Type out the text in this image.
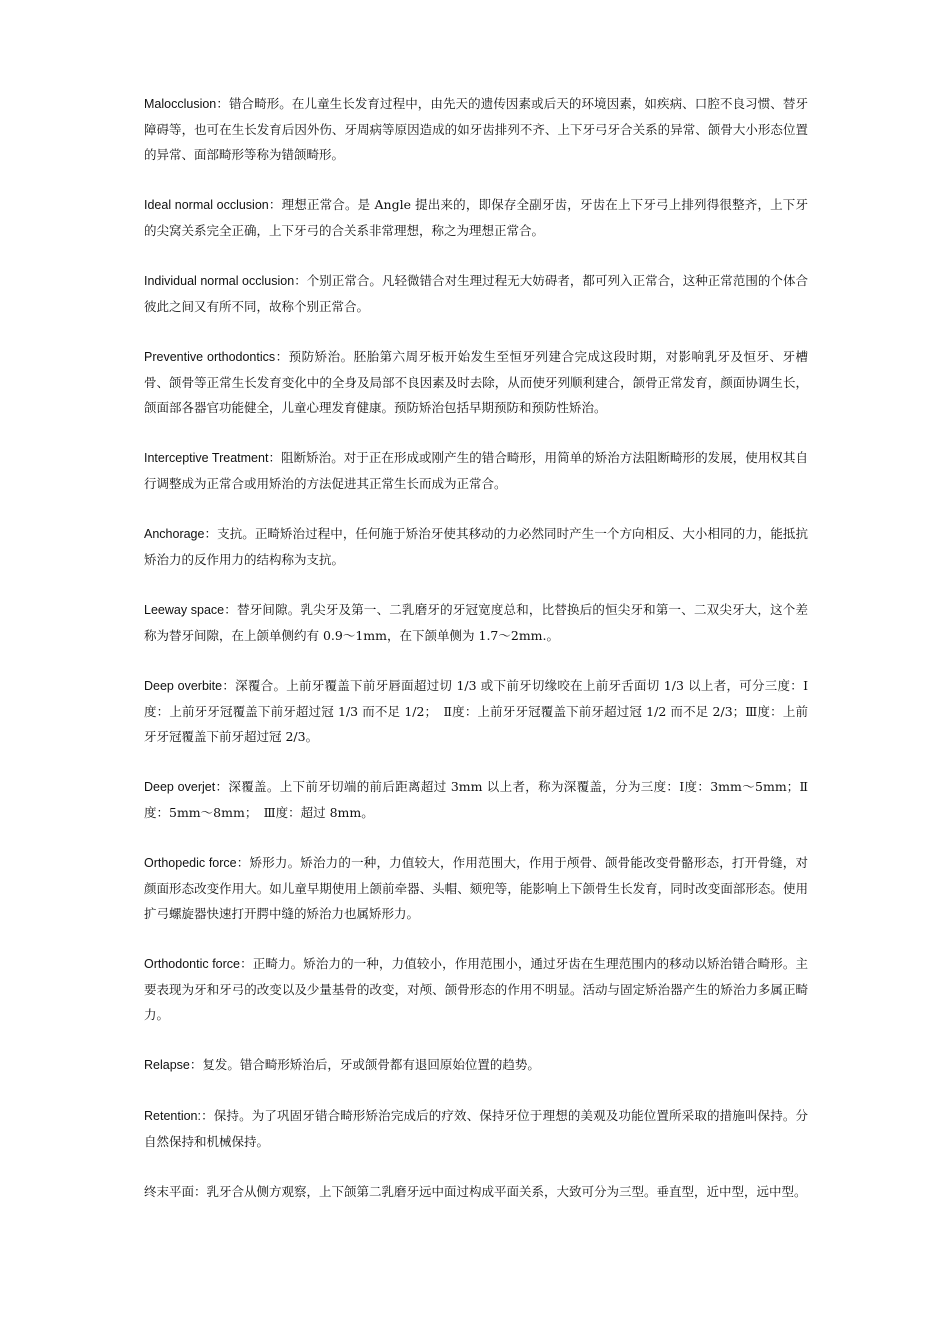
Malocclusion：错合畸形。在儿童生长发育过程中，由先天的遗传因素或后天的环境因素，如疾病、口腔不良习惯、替牙障碍等，也可在生长发育后因外伤、牙周病等原因造成的如牙齿排列不齐、上下牙弓牙合关系的异常、颌骨大小形态位置的异常、面部畸形等称为错颌畸形。

Ideal normal occlusion：理想正常合。是 Angle 提出来的，即保存全副牙齿，牙齿在上下牙弓上排列得很整齐，上下牙的尖窝关系完全正确，上下牙弓的合关系非常理想，称之为理想正常合。

Individual normal occlusion：个别正常合。凡轻微错合对生理过程无大妨碍者，都可列入正常合，这种正常范围的个体合彼此之间又有所不同，故称个别正常合。

Preventive orthodontics：预防矫治。胚胎第六周牙板开始发生至恒牙列建合完成这段时期，对影响乳牙及恒牙、牙槽骨、颌骨等正常生长发育变化中的全身及局部不良因素及时去除，从而使牙列顺利建合，颌骨正常发育，颜面协调生长，颌面部各器官功能健全，儿童心理发育健康。预防矫治包括早期预防和预防性矫治。

Interceptive Treatment：阻断矫治。对于正在形成或刚产生的错合畸形，用简单的矫治方法阻断畸形的发展，使用权其自行调整成为正常合或用矫治的方法促进其正常生长而成为正常合。

Anchorage：支抗。正畸矫治过程中，任何施于矫治牙使其移动的力必然同时产生一个方向相反、大小相同的力，能抵抗矫治力的反作用力的结构称为支抗。

Leeway space：替牙间隙。乳尖牙及第一、二乳磨牙的牙冠宽度总和，比替换后的恒尖牙和第一、二双尖牙大，这个差称为替牙间隙，在上颌单侧约有 0.9～1mm，在下颌单侧为 1.7～2mm.。

Deep overbite：深覆合。上前牙覆盖下前牙唇面超过切 1/3 或下前牙切缘咬在上前牙舌面切 1/3 以上者，可分三度：Ⅰ度：上前牙牙冠覆盖下前牙超过冠 1/3 而不足 1/2；　Ⅱ度：上前牙牙冠覆盖下前牙超过冠 1/2 而不足 2/3；Ⅲ度：上前牙牙冠覆盖下前牙超过冠 2/3。

Deep overjet：深覆盖。上下前牙切端的前后距离超过 3mm 以上者，称为深覆盖，分为三度：Ⅰ度：3mm～5mm；Ⅱ度：5mm～8mm；　Ⅲ度：超过 8mm。

Orthopedic force：矫形力。矫治力的一种，力值较大，作用范围大，作用于颅骨、颌骨能改变骨骼形态，打开骨缝，对颜面形态改变作用大。如儿童早期使用上颌前牵器、头帽、颏兜等，能影响上下颌骨生长发育，同时改变面部形态。使用扩弓螺旋器快速打开腭中缝的矫治力也属矫形力。

Orthodontic force：正畸力。矫治力的一种，力值较小，作用范围小，通过牙齿在生理范围内的移动以矫治错合畸形。主要表现为牙和牙弓的改变以及少量基骨的改变，对颅、颌骨形态的作用不明显。活动与固定矫治器产生的矫治力多属正畸力。

Relapse：复发。错合畸形矫治后，牙或颌骨都有退回原始位置的趋势。

Retention:：保持。为了巩固牙错合畸形矫治完成后的疗效、保持牙位于理想的美观及功能位置所采取的措施叫保持。分自然保持和机械保持。

终末平面：乳牙合从侧方观察，上下颌第二乳磨牙远中面过构成平面关系，大致可分为三型。垂直型，近中型，远中型。
